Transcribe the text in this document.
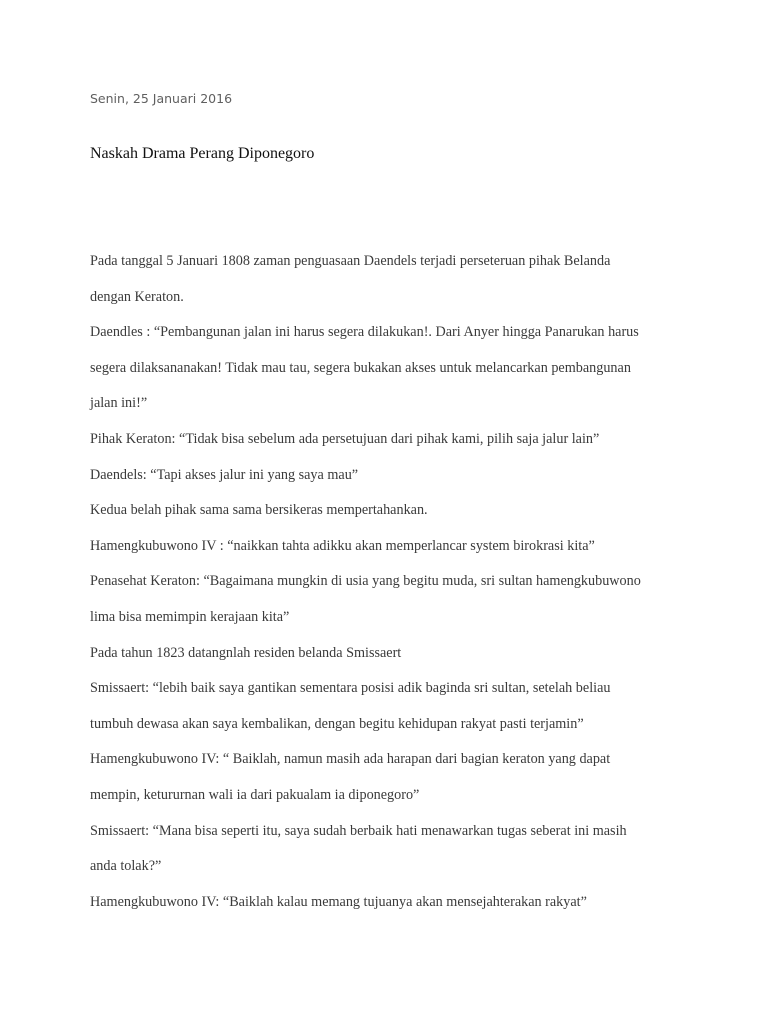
Senin, 25 Januari 2016
Naskah Drama Perang Diponegoro
Pada tanggal 5 Januari 1808 zaman penguasaan Daendels terjadi perseteruan pihak Belanda
dengan Keraton.
Daendles : “Pembangunan jalan ini harus segera dilakukan!. Dari Anyer hingga Panarukan harus
segera dilaksananakan! Tidak mau tau, segera bukakan akses untuk melancarkan pembangunan
jalan ini!”
Pihak Keraton: “Tidak bisa sebelum ada persetujuan dari pihak kami, pilih saja jalur lain”
Daendels: “Tapi akses jalur ini yang saya mau”
Kedua belah pihak sama sama bersikeras mempertahankan.
Hamengkubuwono IV : “naikkan tahta adikku akan memperlancar system birokrasi kita”
Penasehat Keraton: “Bagaimana mungkin di usia yang begitu muda, sri sultan hamengkubuwono
lima bisa memimpin kerajaan kita”
Pada tahun 1823 datangnlah residen belanda Smissaert
Smissaert: “lebih baik saya gantikan sementara posisi adik baginda sri sultan, setelah beliau
tumbuh dewasa akan saya kembalikan, dengan begitu kehidupan rakyat pasti terjamin”
Hamengkubuwono IV: “ Baiklah, namun masih ada harapan dari bagian keraton yang dapat
mempin, ketururnan wali ia dari pakualam ia diponegoro”
Smissaert: “Mana bisa seperti itu, saya sudah berbaik hati menawarkan tugas seberat ini masih
anda tolak?”
Hamengkubuwono IV: “Baiklah kalau memang tujuanya akan mensejahterakan rakyat”
